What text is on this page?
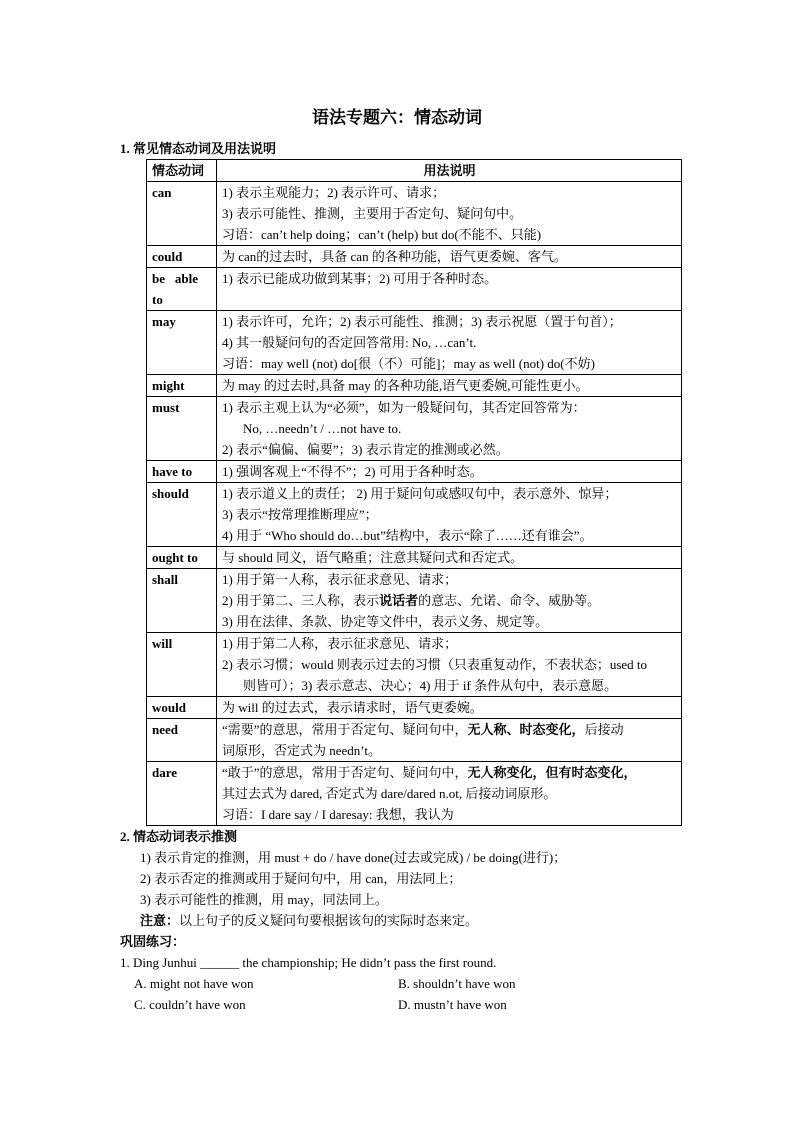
语法专题六：情态动词
1. 常见情态动词及用法说明
情态动词	用法说明
can	1) 表示主观能力；2) 表示许可、请求；
3) 表示可能性、推测，主要用于否定句、疑问句中。
习语：can’t help doing；can’t (help) but do(不能不、只能)

could	为 can的过去时，具备 can 的各种功能，语气更委婉、客气。

be able to	1) 表示已能成功做到某事；2) 可用于各种时态。

may	1) 表示许可，允许；2) 表示可能性、推测；3) 表示祝愿（置于句首）；
4) 其一般疑问句的否定回答常用: No, …can’t.
习语：may well (not) do[很（不）可能]；may as well (not) do(不妨)

might	为 may 的过去时,具备 may 的各种功能,语气更委婉,可能性更小。

must	1) 表示主观上认为“必须”，如为一般疑问句，其否定回答常为：
No, …needn’t / …not have to.
2) 表示“偏偏、偏要”；3) 表示肯定的推测或必然。

have to	1) 强调客观上“不得不”；2) 可用于各种时态。

should	1) 表示道义上的责任； 2) 用于疑问句或感叹句中，表示意外、惊异；
3) 表示“按常理推断理应”；
4) 用于 “Who should do…but”结构中，表示“除了……还有谁会”。

ought to	与 should 同义，语气略重；注意其疑问式和否定式。

shall	1) 用于第一人称，表示征求意见、请求；
2) 用于第二、三人称，表示说话者的意志、允诺、命令、威胁等。
3) 用在法律、条款、协定等文件中，表示义务、规定等。

will	1) 用于第二人称，表示征求意见、请求；
2) 表示习惯；would 则表示过去的习惯（只表重复动作，不表状态；used to
则皆可）；3) 表示意志、决心；4) 用于 if 条件从句中，表示意愿。

would	为 will 的过去式，表示请求时，语气更委婉。

need	“需要”的意思，常用于否定句、疑问句中，无人称、时态变化，后接动
词原形，否定式为 needn’t。

dare	“敢于”的意思，常用于否定句、疑问句中，无人称变化，但有时态变化，
其过去式为 dared, 否定式为 dare/dared n.ot, 后接动词原形。
习语：I dare say / I daresay: 我想，我认为
2. 情态动词表示推测
1) 表示肯定的推测，用 must + do / have done(过去或完成) / be doing(进行)；
2) 表示否定的推测或用于疑问句中，用 can，用法同上；
3) 表示可能性的推测，用 may，同法同上。
注意：以上句子的反义疑问句要根据该句的实际时态来定。
巩固练习：
1. Ding Junhui ______ the championship; He didn’t pass the first round.
A. might not have won	B. shouldn’t have won
C. couldn’t have won	D. mustn’t have won
